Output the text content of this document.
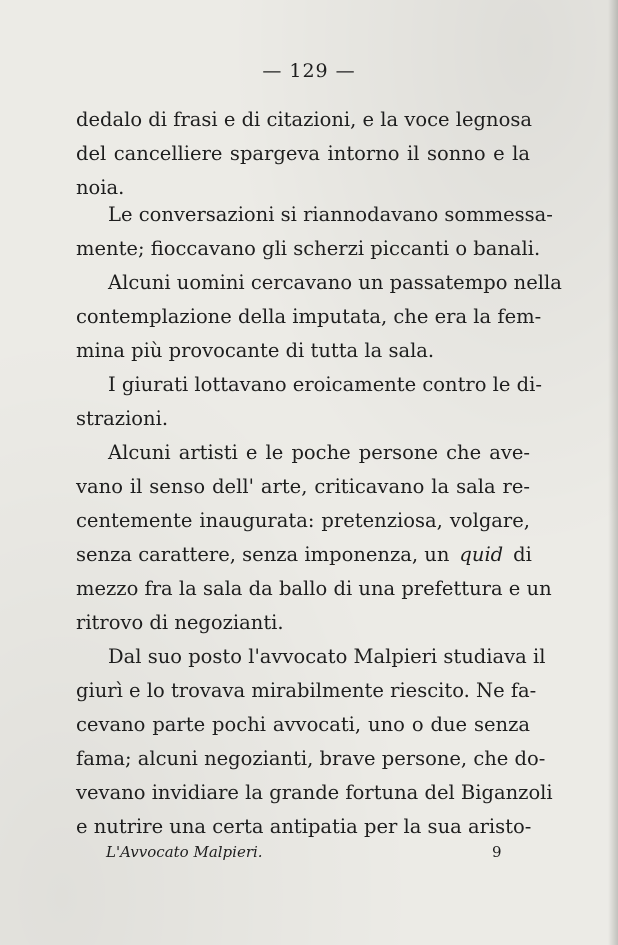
— 129 —
dedalo di frasi e di citazioni, e la voce legnosa
del cancelliere spargeva intorno il sonno e la
noia.
Le conversazioni si riannodavano sommessa-
mente; fioccavano gli scherzi piccanti o banali.
Alcuni uomini cercavano un passatempo nella
contemplazione della imputata, che era la fem-
mina più provocante di tutta la sala.
I giurati lottavano eroicamente contro le di-
strazioni.
Alcuni artisti e le poche persone che ave-
vano il senso dell' arte, criticavano la sala re-
centemente inaugurata: pretenziosa, volgare,
senza carattere, senza imponenza, un quid di
mezzo fra la sala da ballo di una prefettura e un
ritrovo di negozianti.
Dal suo posto l'avvocato Malpieri studiava il
giurì e lo trovava mirabilmente riescito. Ne fa-
cevano parte pochi avvocati, uno o due senza
fama; alcuni negozianti, brave persone, che do-
vevano invidiare la grande fortuna del Biganzoli
e nutrire una certa antipatia per la sua aristo-
L'Avvocato Malpieri.	9
